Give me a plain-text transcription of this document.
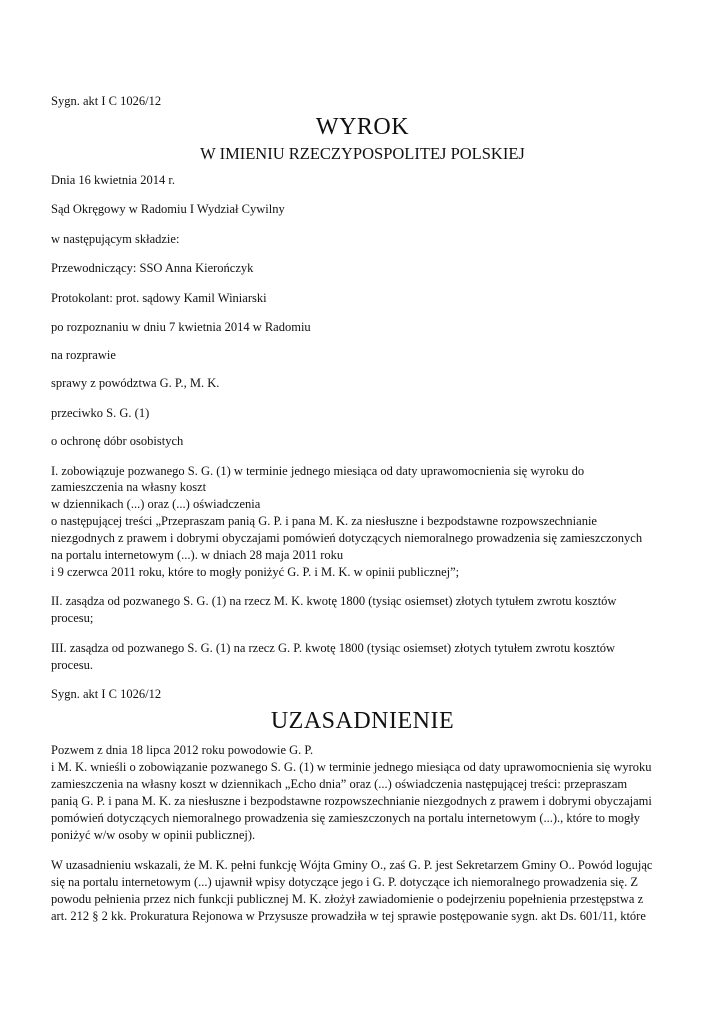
Sygn. akt I C 1026/12
WYROK
W IMIENIU RZECZYPOSPOLITEJ POLSKIEJ
Dnia 16 kwietnia 2014 r.
Sąd Okręgowy w Radomiu I Wydział Cywilny
w następującym składzie:
Przewodniczący: SSO Anna Kierończyk
Protokolant: prot. sądowy Kamil Winiarski
po rozpoznaniu w dniu 7 kwietnia 2014 w Radomiu
na rozprawie
sprawy z powództwa G. P., M. K.
przeciwko S. G. (1)
o ochronę dóbr osobistych
I. zobowiązuje pozwanego S. G. (1) w terminie jednego miesiąca od daty uprawomocnienia się wyroku do
zamieszczenia na własny koszt
w dziennikach (...) oraz (...) oświadczenia
o następującej treści „Przepraszam panią G. P. i pana M. K. za niesłuszne i bezpodstawne rozpowszechnianie
niezgodnych z prawem i dobrymi obyczajami pomówień dotyczących niemoralnego prowadzenia się zamieszczonych
na portalu internetowym (...). w dniach 28 maja 2011 roku
i 9 czerwca 2011 roku, które to mogły poniżyć G. P. i M. K. w opinii publicznej”;
II. zasądza od pozwanego S. G. (1) na rzecz M. K. kwotę 1800 (tysiąc osiemset) złotych tytułem zwrotu kosztów
procesu;
III. zasądza od pozwanego S. G. (1) na rzecz G. P. kwotę 1800 (tysiąc osiemset) złotych tytułem zwrotu kosztów
procesu.
Sygn. akt I C 1026/12
UZASADNIENIE
Pozwem z dnia 18 lipca 2012 roku powodowie G. P.
i M. K. wnieśli o zobowiązanie pozwanego S. G. (1) w terminie jednego miesiąca od daty uprawomocnienia się wyroku
zamieszczenia na własny koszt w dziennikach „Echo dnia” oraz (...) oświadczenia następującej treści: przepraszam
panią G. P. i pana M. K. za niesłuszne i bezpodstawne rozpowszechnianie niezgodnych z prawem i dobrymi obyczajami
pomówień dotyczących niemoralnego prowadzenia się zamieszczonych na portalu internetowym (...)., które to mogły
poniżyć w/w osoby w opinii publicznej).
W uzasadnieniu wskazali, że M. K. pełni funkcję Wójta Gminy O., zaś G. P. jest Sekretarzem Gminy O.. Powód logując
się na portalu internetowym (...) ujawnił wpisy dotyczące jego i G. P. dotyczące ich niemoralnego prowadzenia się. Z
powodu pełnienia przez nich funkcji publicznej M. K. złożył zawiadomienie o podejrzeniu popełnienia przestępstwa z
art. 212 § 2 kk. Prokuratura Rejonowa w Przysusze prowadziła w tej sprawie postępowanie sygn. akt Ds. 601/11, które
